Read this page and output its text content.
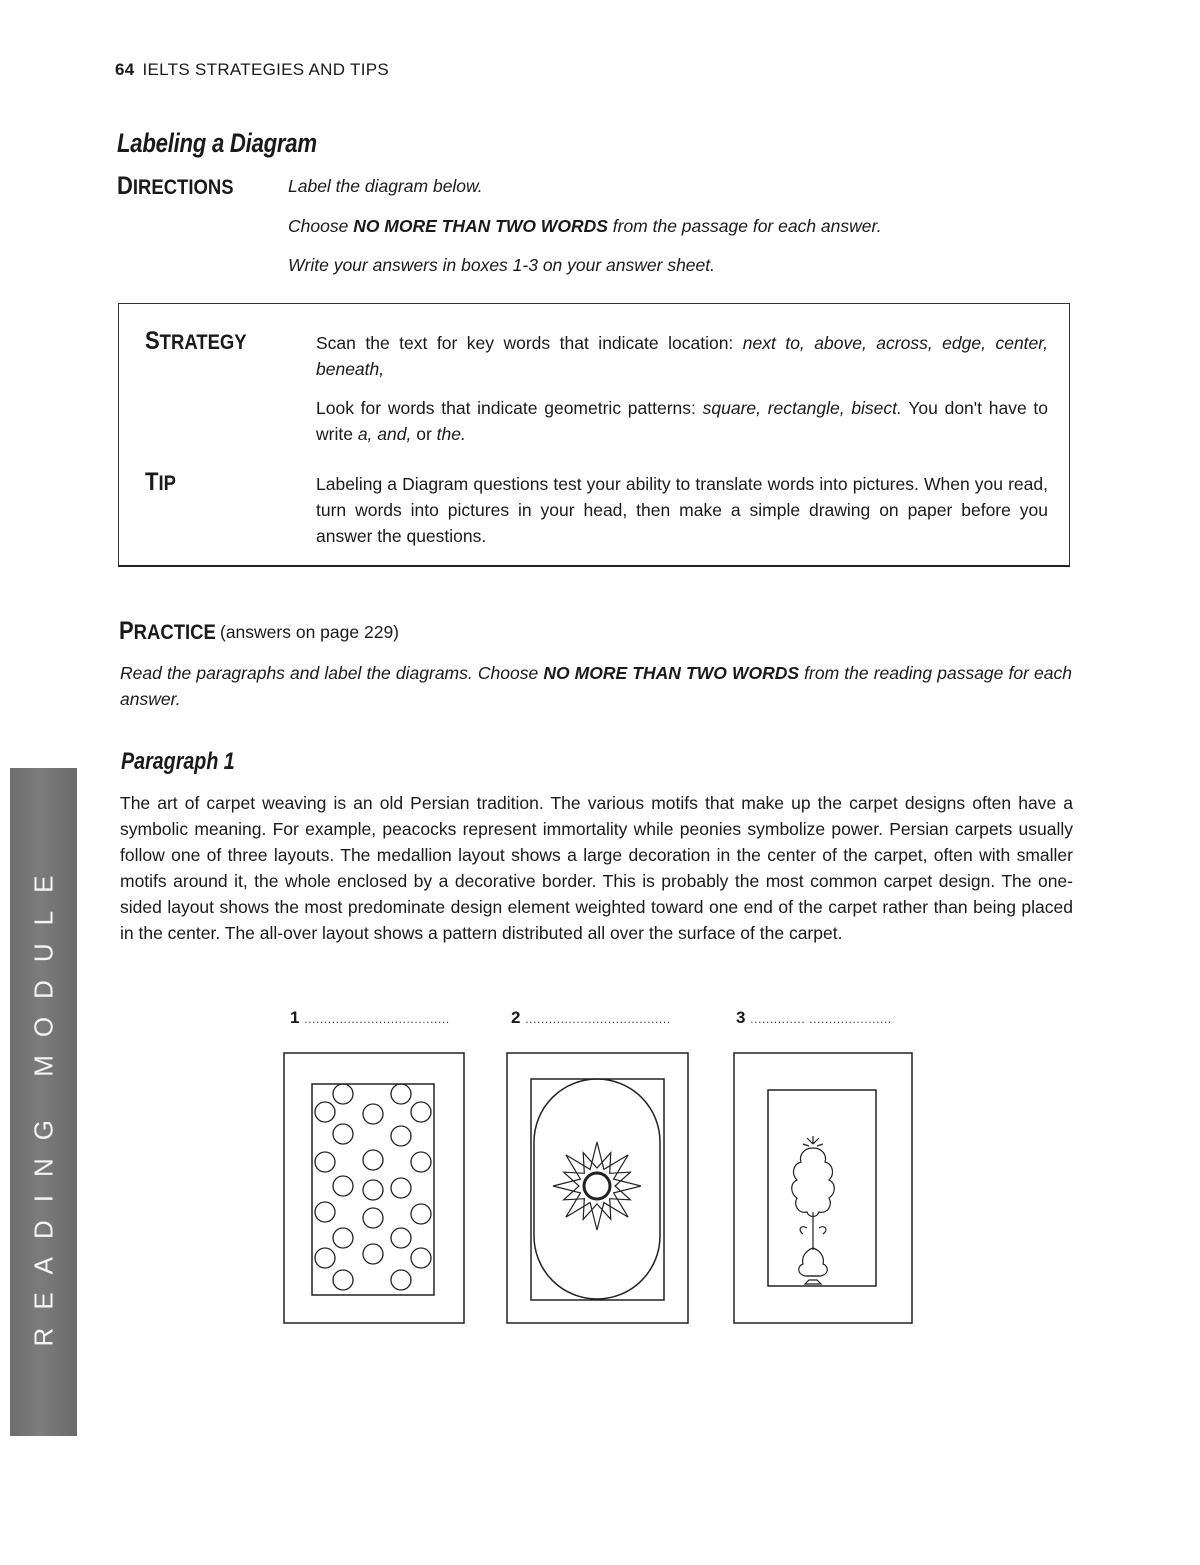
64 IELTS STRATEGIES AND TIPS
Labeling a Diagram
DIRECTIONS	Label the diagram below.
Choose NO MORE THAN TWO WORDS from the passage for each answer.
Write your answers in boxes 1-3 on your answer sheet.
STRATEGY	Scan the text for key words that indicate location: next to, above, across, edge, center, beneath,
Look for words that indicate geometric patterns: square, rectangle, bisect. You don't have to write a, and, or the.
TIP	Labeling a Diagram questions test your ability to translate words into pictures. When you read, turn words into pictures in your head, then make a simple drawing on paper before you answer the questions.
PRACTICE (answers on page 229)
Read the paragraphs and label the diagrams. Choose NO MORE THAN TWO WORDS from the reading passage for each answer.
Paragraph 1
The art of carpet weaving is an old Persian tradition. The various motifs that make up the carpet designs often have a symbolic meaning. For example, peacocks represent immortality while peonies symbolize power. Persian carpets usually follow one of three layouts. The medallion layout shows a large decoration in the center of the carpet, often with smaller motifs around it, the whole enclosed by a decorative border. This is probably the most common carpet design. The one-sided layout shows the most predominate design element weighted toward one end of the carpet rather than being placed in the center. The all-over layout shows a pattern distributed all over the surface of the carpet.
READING MODULE	1 .....................................	2 .....................................	3 .............. .....................
